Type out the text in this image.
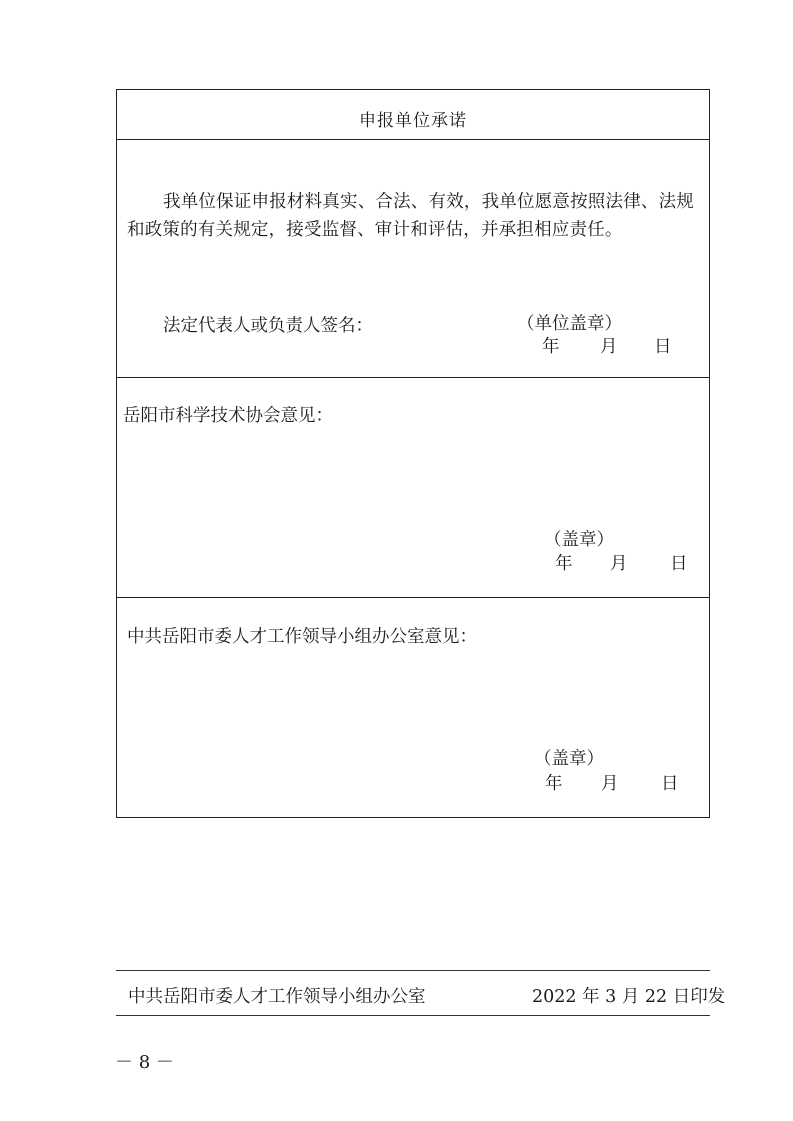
申报单位承诺

我单位保证申报材料真实、合法、有效，我单位愿意按照法律、法规和政策的有关规定，接受监督、审计和评估，并承担相应责任。

法定代表人或负责人签名：	（单位盖章）
年 月 日
岳阳市科学技术协会意见：
（盖章）
年 月 日
中共岳阳市委人才工作领导小组办公室意见：
（盖章）
年 月 日
中共岳阳市委人才工作领导小组办公室	2022 年 3 月 22 日印发
－ 8 －
